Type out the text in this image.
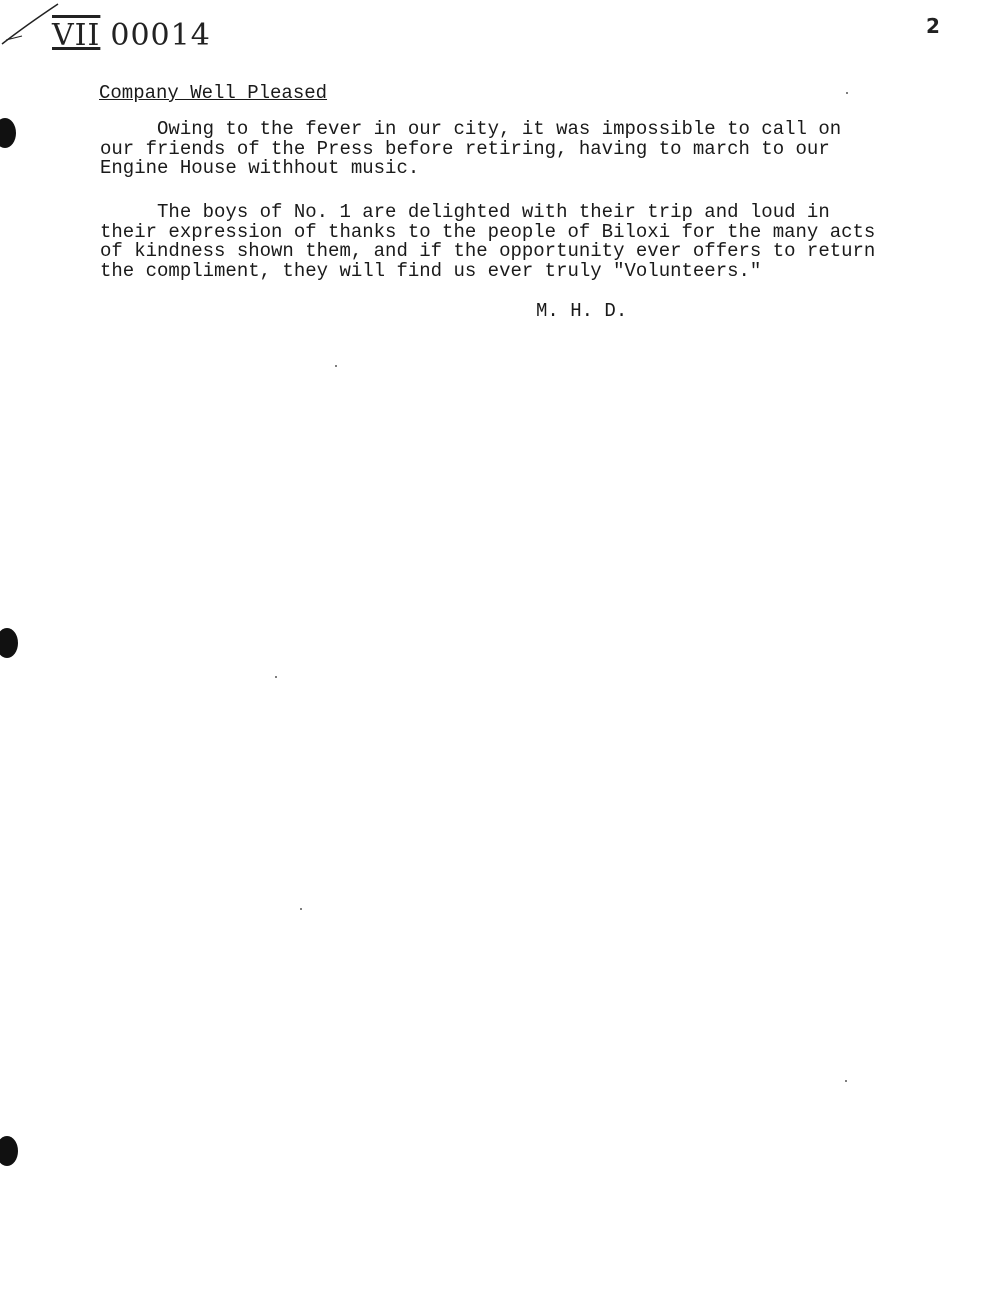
VII 00014	2
Company Well Pleased

Owing to the fever in our city, it was impossible to call on
our friends of the Press before retiring, having to march to our
Engine House withhout music.

The boys of No. 1 are delighted with their trip and loud in
their expression of thanks to the people of Biloxi for the many acts
of kindness shown them, and if the opportunity ever offers to return
the compliment, they will find us ever truly "Volunteers."

M. H. D.
